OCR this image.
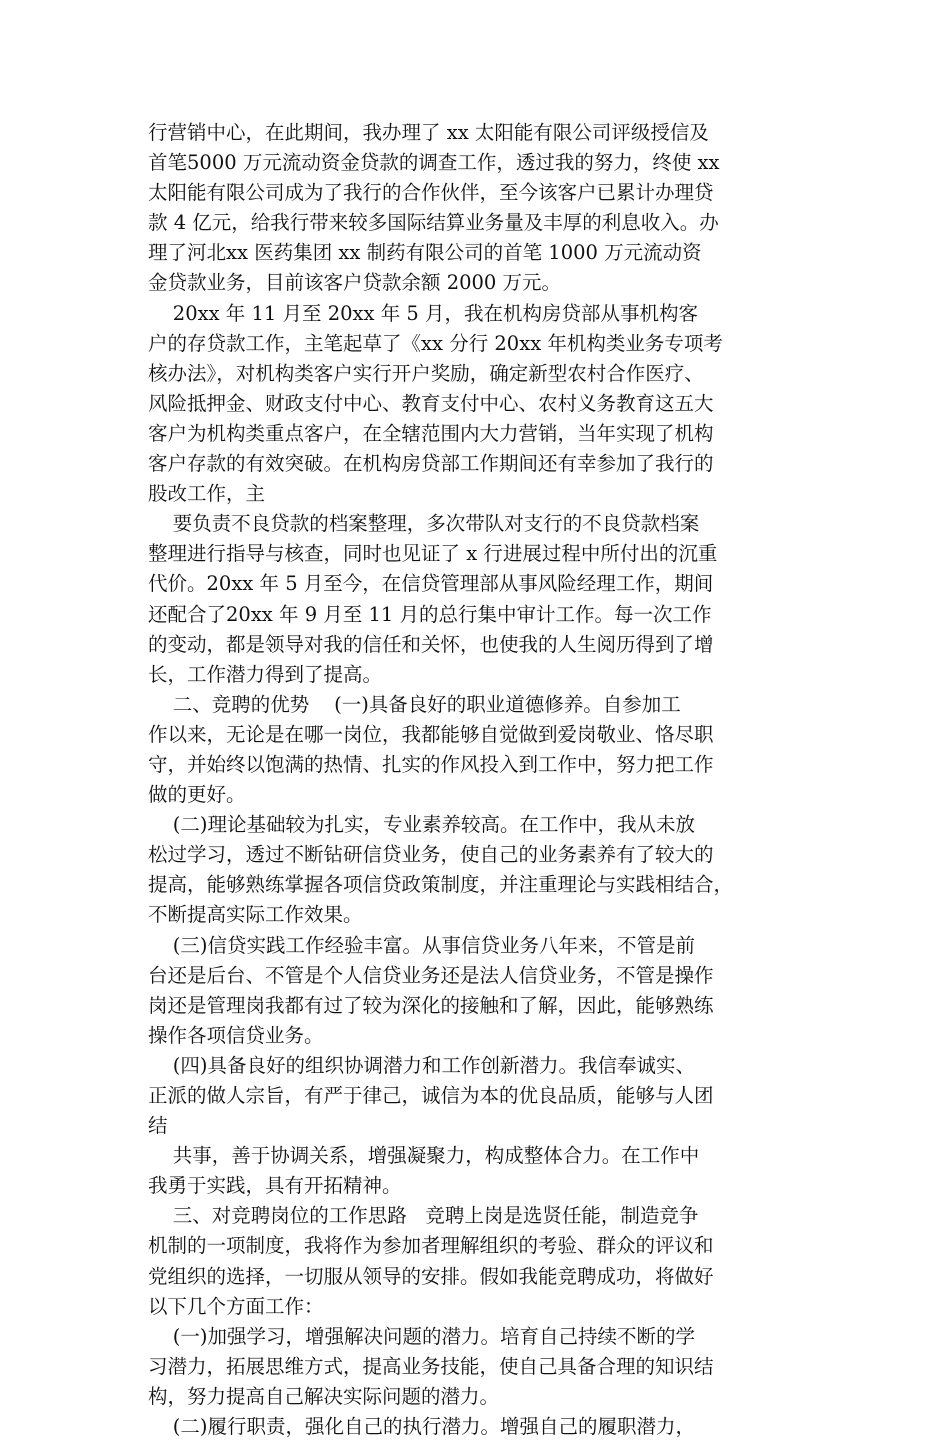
行营销中心，在此期间，我办理了 xx 太阳能有限公司评级授信及
首笔5000 万元流动资金贷款的调查工作，透过我的努力，终使 xx
太阳能有限公司成为了我行的合作伙伴，至今该客户已累计办理贷
款 4 亿元，给我行带来较多国际结算业务量及丰厚的利息收入。办
理了河北xx 医药集团 xx 制药有限公司的首笔 1000 万元流动资
金贷款业务，目前该客户贷款余额 2000 万元。
20xx 年 11 月至 20xx 年 5 月，我在机构房贷部从事机构客
户的存贷款工作，主笔起草了《xx 分行 20xx 年机构类业务专项考
核办法》，对机构类客户实行开户奖励，确定新型农村合作医疗、
风险抵押金、财政支付中心、教育支付中心、农村义务教育这五大
客户为机构类重点客户，在全辖范围内大力营销，当年实现了机构
客户存款的有效突破。在机构房贷部工作期间还有幸参加了我行的
股改工作，主
要负责不良贷款的档案整理，多次带队对支行的不良贷款档案
整理进行指导与核查，同时也见证了 x 行进展过程中所付出的沉重
代价。20xx 年 5 月至今，在信贷管理部从事风险经理工作，期间
还配合了20xx 年 9 月至 11 月的总行集中审计工作。每一次工作
的变动，都是领导对我的信任和关怀，也使我的人生阅历得到了增
长，工作潜力得到了提高。
二、竞聘的优势    (一)具备良好的职业道德修养。自参加工
作以来，无论是在哪一岗位，我都能够自觉做到爱岗敬业、恪尽职
守，并始终以饱满的热情、扎实的作风投入到工作中，努力把工作
做的更好。
(二)理论基础较为扎实，专业素养较高。在工作中，我从未放
松过学习，透过不断钻研信贷业务，使自己的业务素养有了较大的
提高，能够熟练掌握各项信贷政策制度，并注重理论与实践相结合，
不断提高实际工作效果。
(三)信贷实践工作经验丰富。从事信贷业务八年来，不管是前
台还是后台、不管是个人信贷业务还是法人信贷业务，不管是操作
岗还是管理岗我都有过了较为深化的接触和了解，因此，能够熟练
操作各项信贷业务。
(四)具备良好的组织协调潜力和工作创新潜力。我信奉诚实、
正派的做人宗旨，有严于律己，诚信为本的优良品质，能够与人团
结
共事，善于协调关系，增强凝聚力，构成整体合力。在工作中
我勇于实践，具有开拓精神。
三、对竞聘岗位的工作思路   竞聘上岗是选贤任能，制造竞争
机制的一项制度，我将作为参加者理解组织的考验、群众的评议和
党组织的选择，一切服从领导的安排。假如我能竞聘成功，将做好
以下几个方面工作：
(一)加强学习，增强解决问题的潜力。培育自己持续不断的学
习潜力，拓展思维方式，提高业务技能，使自己具备合理的知识结
构，努力提高自己解决实际问题的潜力。
(二)履行职责，强化自己的执行潜力。增强自己的履职潜力，
